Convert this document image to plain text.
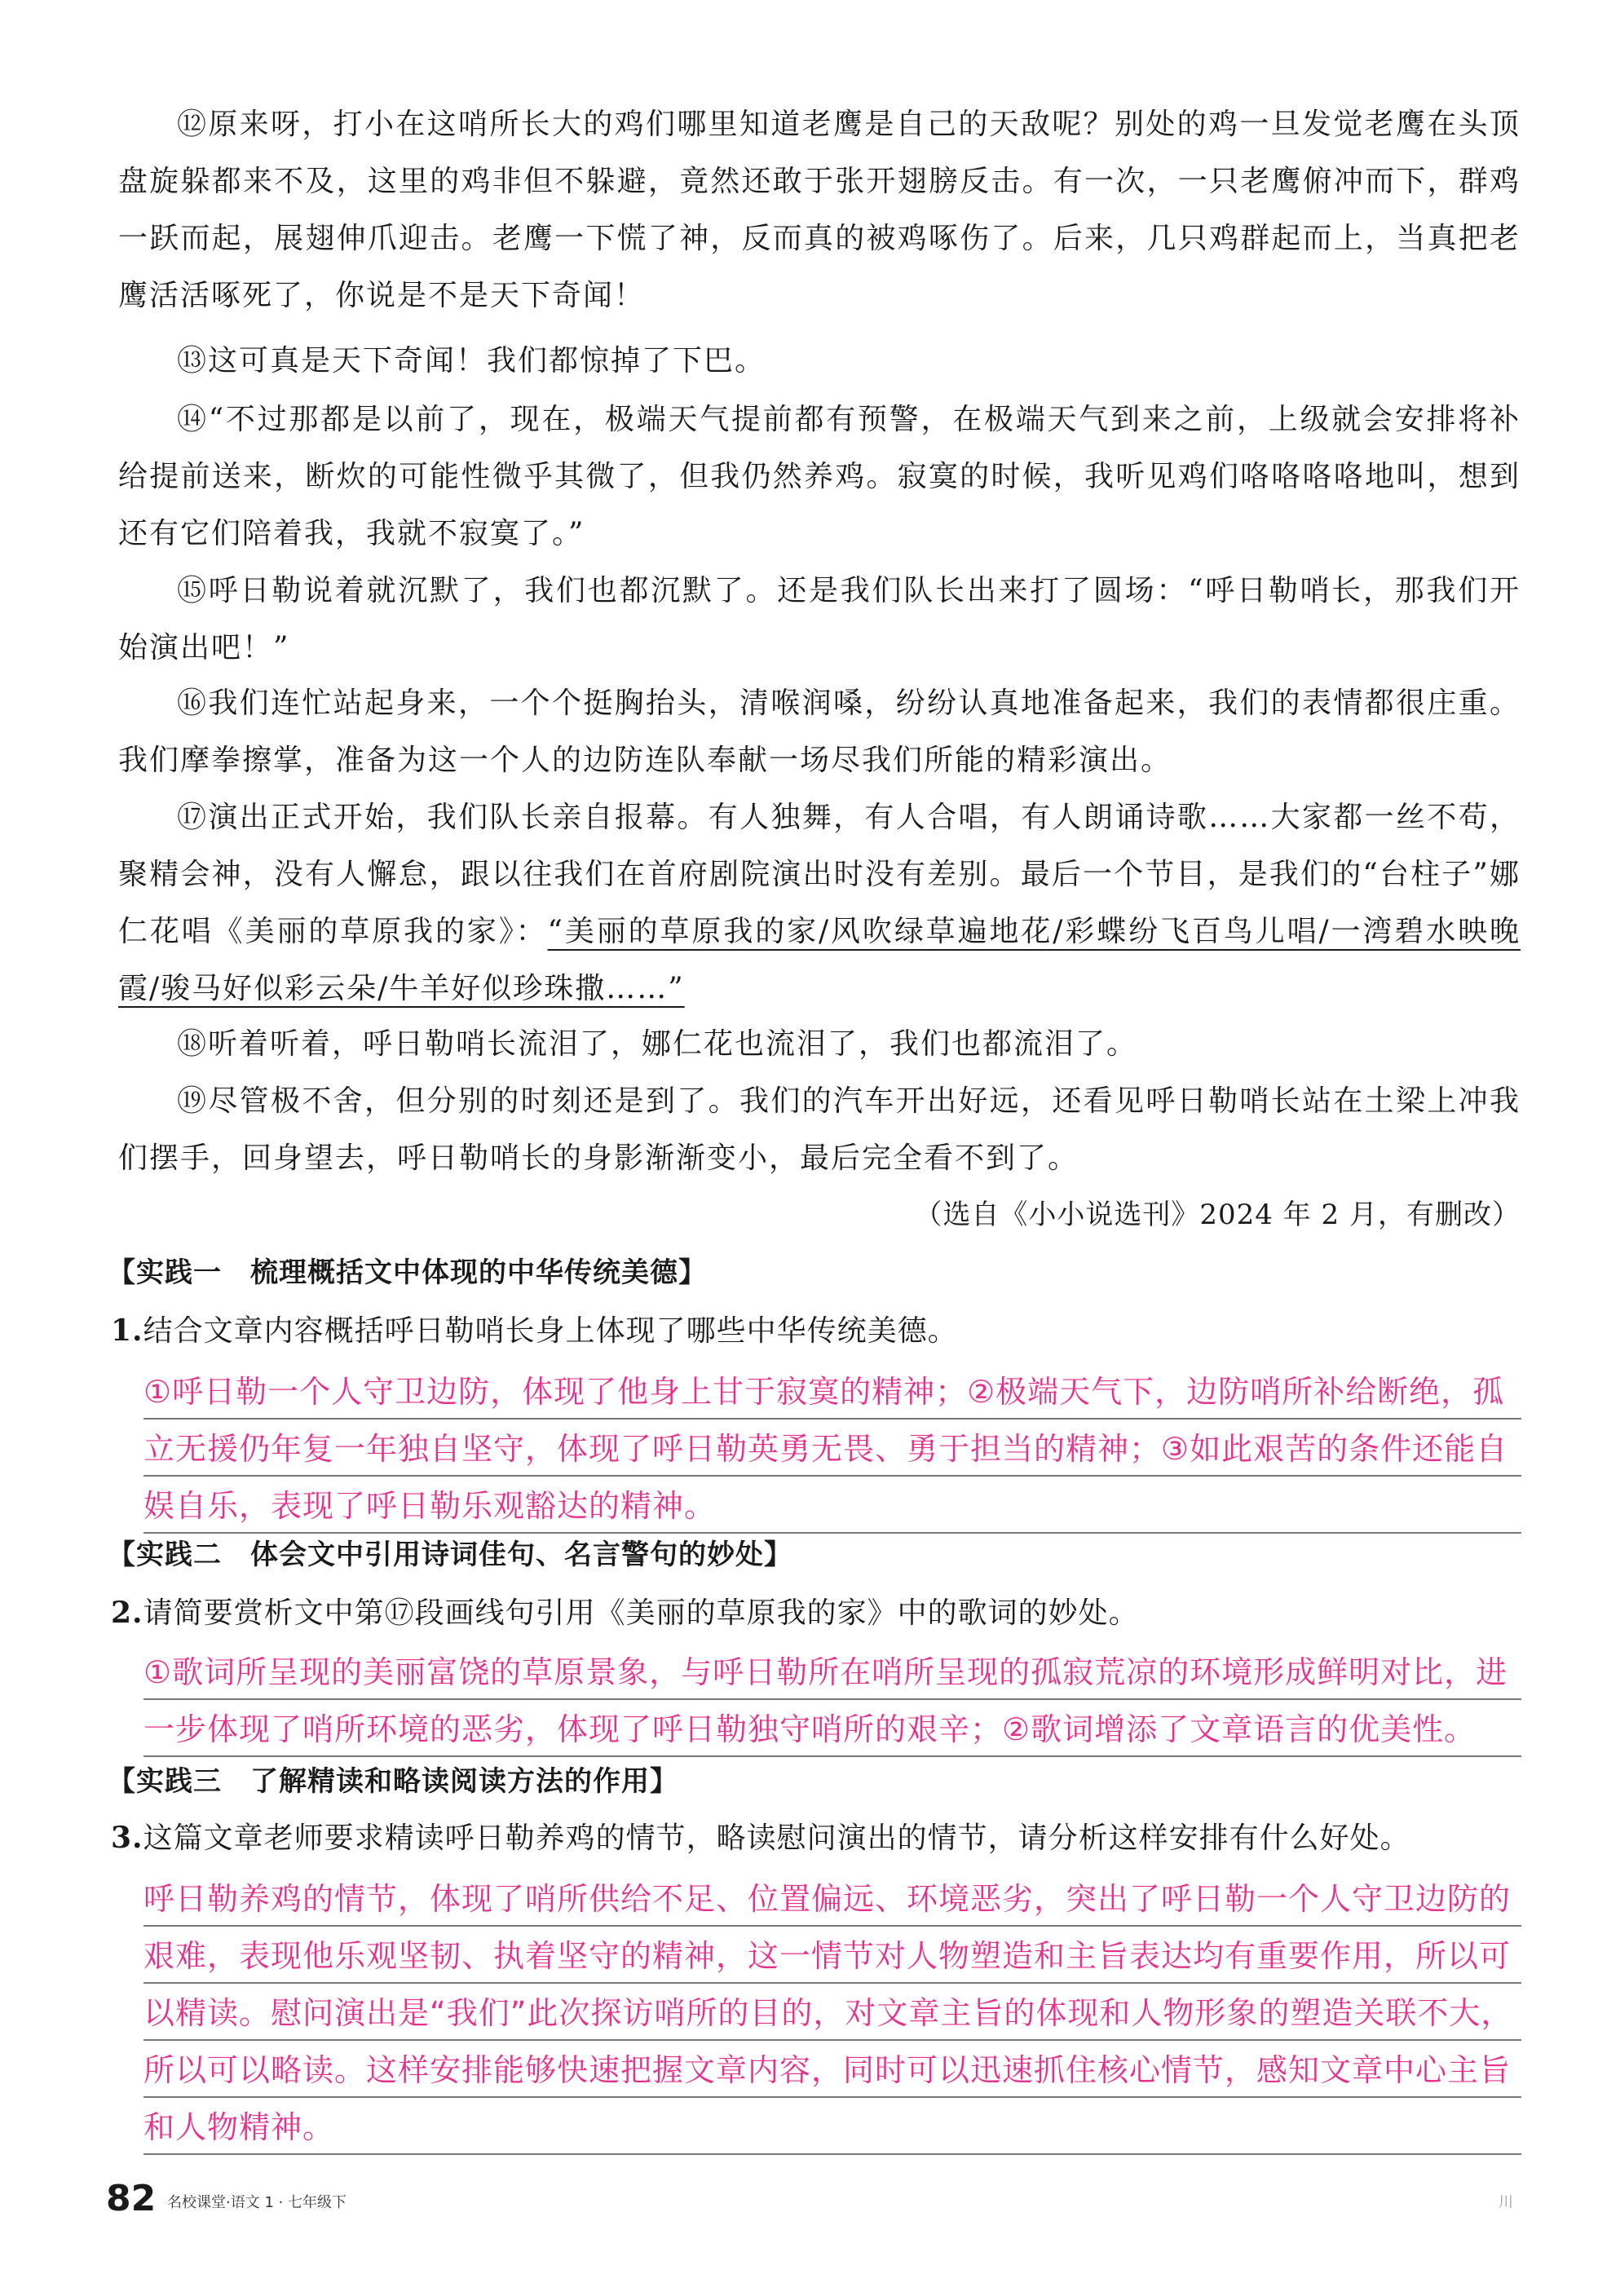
⑫原来呀，打小在这哨所长大的鸡们哪里知道老鹰是自己的天敌呢？别处的鸡一旦发觉老鹰在头顶盘旋躲都来不及，这里的鸡非但不躲避，竟然还敢于张开翅膀反击。有一次，一只老鹰俯冲而下，群鸡一跃而起，展翅伸爪迎击。老鹰一下慌了神，反而真的被鸡啄伤了。后来，几只鸡群起而上，当真把老鹰活活啄死了，你说是不是天下奇闻！

⑬这可真是天下奇闻！我们都惊掉了下巴。

⑭“不过那都是以前了，现在，极端天气提前都有预警，在极端天气到来之前，上级就会安排将补给提前送来，断炊的可能性微乎其微了，但我仍然养鸡。寂寞的时候，我听见鸡们咯咯咯咯地叫，想到还有它们陪着我，我就不寂寞了。”

⑮呼日勒说着就沉默了，我们也都沉默了。还是我们队长出来打了圆场：“呼日勒哨长，那我们开始演出吧！”

⑯我们连忙站起身来，一个个挺胸抬头，清喉润嗓，纷纷认真地准备起来，我们的表情都很庄重。我们摩拳擦掌，准备为这一个人的边防连队奉献一场尽我们所能的精彩演出。

⑰演出正式开始，我们队长亲自报幕。有人独舞，有人合唱，有人朗诵诗歌……大家都一丝不苟，聚精会神，没有人懈怠，跟以往我们在首府剧院演出时没有差别。最后一个节目，是我们的“台柱子”娜仁花唱《美丽的草原我的家》：“美丽的草原我的家/风吹绿草遍地花/彩蝶纷飞百鸟儿唱/一湾碧水映晚霞/骏马好似彩云朵/牛羊好似珍珠撒……”

⑱听着听着，呼日勒哨长流泪了，娜仁花也流泪了，我们也都流泪了。

⑲尽管极不舍，但分别的时刻还是到了。我们的汽车开出好远，还看见呼日勒哨长站在土梁上冲我们摆手，回身望去，呼日勒哨长的身影渐渐变小，最后完全看不到了。

（选自《小小说选刊》2024 年 2 月，有删改）
【实践一　梳理概括文中体现的中华传统美德】
1.结合文章内容概括呼日勒哨长身上体现了哪些中华传统美德。
①呼日勒一个人守卫边防，体现了他身上甘于寂寞的精神；②极端天气下，边防哨所补给断绝，孤立无援仍年复一年独自坚守，体现了呼日勒英勇无畏、勇于担当的精神；③如此艰苦的条件还能自娱自乐，表现了呼日勒乐观豁达的精神。
【实践二　体会文中引用诗词佳句、名言警句的妙处】
2.请简要赏析文中第⑰段画线句引用《美丽的草原我的家》中的歌词的妙处。
①歌词所呈现的美丽富饶的草原景象，与呼日勒所在哨所呈现的孤寂荒凉的环境形成鲜明对比，进一步体现了哨所环境的恶劣，体现了呼日勒独守哨所的艰辛；②歌词增添了文章语言的优美性。
【实践三　了解精读和略读阅读方法的作用】
3.这篇文章老师要求精读呼日勒养鸡的情节，略读慰问演出的情节，请分析这样安排有什么好处。
呼日勒养鸡的情节，体现了哨所供给不足、位置偏远、环境恶劣，突出了呼日勒一个人守卫边防的艰难，表现他乐观坚韧、执着坚守的精神，这一情节对人物塑造和主旨表达均有重要作用，所以可以精读。慰问演出是“我们”此次探访哨所的目的，对文章主旨的体现和人物形象的塑造关联不大，所以可以略读。这样安排能够快速把握文章内容，同时可以迅速抓住核心情节，感知文章中心主旨和人物精神。
82 名校课堂·语文 1 · 七年级下	川
